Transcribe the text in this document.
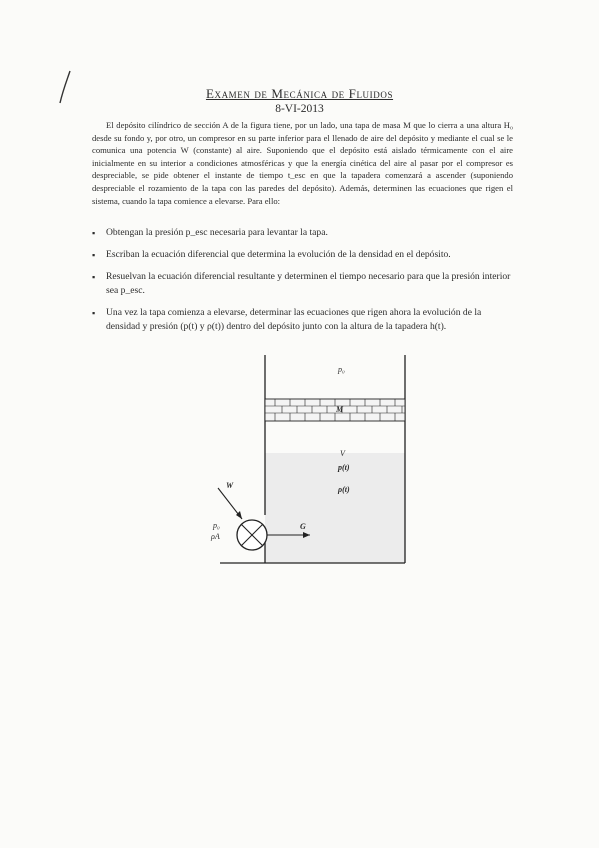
Examen de Mecánica de Fluidos
8-VI-2013

El depósito cilíndrico de sección A de la figura tiene, por un lado, una tapa de masa M que lo cierra a una altura H₀ desde su fondo y, por otro, un compresor en su parte inferior para el llenado de aire del depósito y mediante el cual se le comunica una potencia W (constante) al aire. Suponiendo que el depósito está aislado térmicamente con el aire inicialmente en su interior a condiciones atmosféricas y que la energía cinética del aire al pasar por el compresor es despreciable, se pide obtener el instante de tiempo t_esc en que la tapadera comenzará a ascender (suponiendo despreciable el rozamiento de la tapa con las paredes del depósito). Además, determinen las ecuaciones que rigen el sistema, cuando la tapa comience a elevarse. Para ello:

▪ Obtengan la presión p_esc necesaria para levantar la tapa.
▪ Escriban la ecuación diferencial que determina la evolución de la densidad en el depósito.
▪ Resuelvan la ecuación diferencial resultante y determinen el tiempo necesario para que la presión interior sea p_esc.
▪ Una vez la tapa comienza a elevarse, determinar las ecuaciones que rigen ahora la evolución de la densidad y presión (p(t) y ρ(t)) dentro del depósito junto con la altura de la tapadera h(t).
p₀
M
V
p(t)
ρ(t)
W
p₀
ρA
G
